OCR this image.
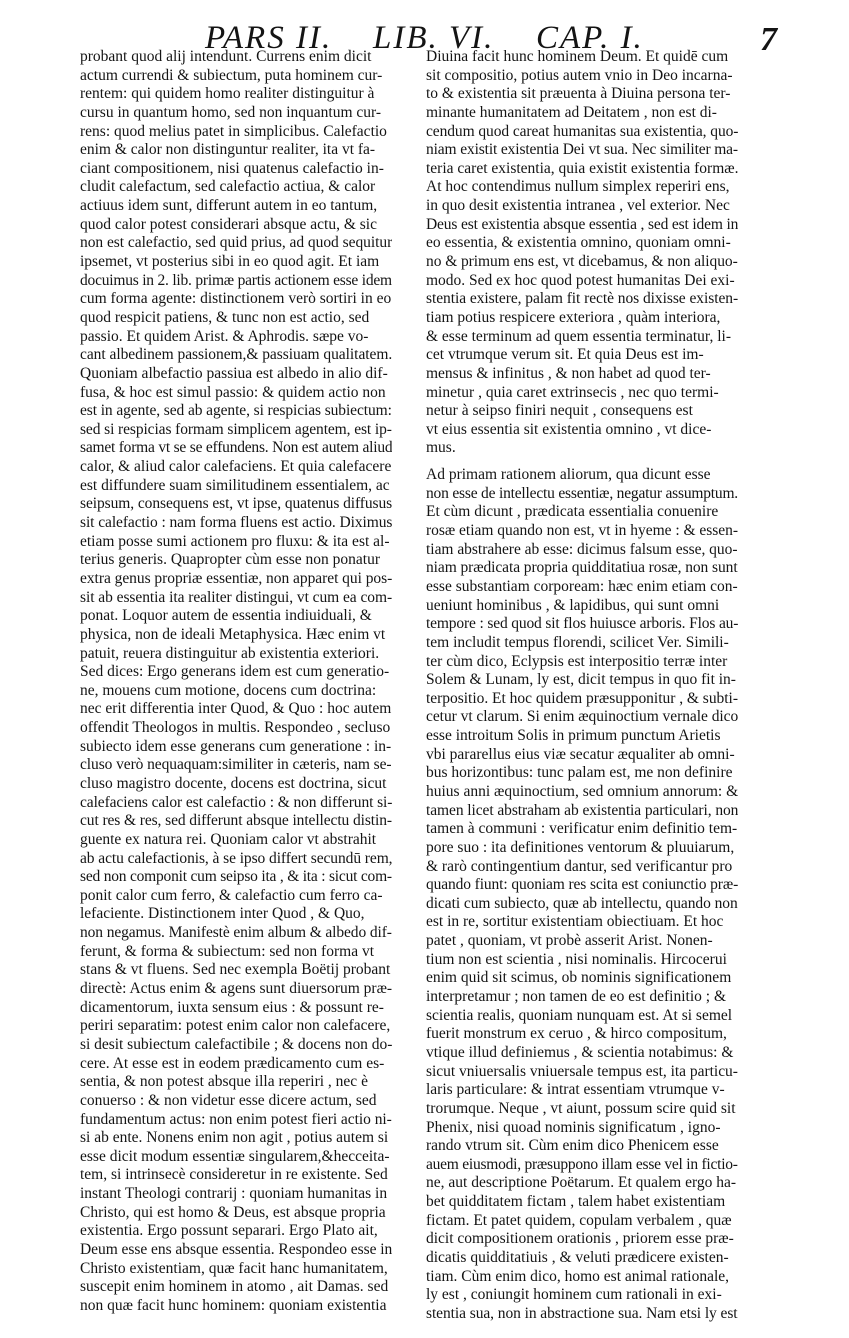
PARS II. LIB. VI. CAP. I.	7
probant quod alij intendunt. Currens enim dicit
actum currendi & subiectum, puta hominem cur-
rentem: qui quidem homo realiter distinguitur à
cursu in quantum homo, sed non inquantum cur-
rens: quod melius patet in simplicibus. Calefactio
enim & calor non distinguntur realiter, ita vt fa-
ciant compositionem, nisi quatenus calefactio in-
cludit calefactum, sed calefactio actiua, & calor
actiuus idem sunt, differunt autem in eo tantum,
quod calor potest considerari absque actu, & sic
non est calefactio, sed quid prius, ad quod sequitur
ipsemet, vt posterius sibi in eo quod agit. Et iam
docuimus in 2. lib. primæ partis actionem esse idem
cum forma agente: distinctionem verò sortiri in eo
quod respicit patiens, & tunc non est actio, sed
passio. Et quidem Arist. & Aphrodis. sæpe vo-
cant albedinem passionem,& passiuam qualitatem.
Quoniam albefactio passiua est albedo in alio dif-
fusa, & hoc est simul passio: & quidem actio non
est in agente, sed ab agente, si respicias subiectum:
sed si respicias formam simplicem agentem, est ip-
samet forma vt se se effundens. Non est autem aliud
calor, & aliud calor calefaciens. Et quia calefacere
est diffundere suam similitudinem essentialem, ac
seipsum, consequens est, vt ipse, quatenus diffusus
sit calefactio : nam forma fluens est actio. Diximus
etiam posse sumi actionem pro fluxu: & ita est al-
terius generis. Quapropter cùm esse non ponatur
extra genus propriæ essentiæ, non apparet qui pos-
sit ab essentia ita realiter distingui, vt cum ea com-
ponat. Loquor autem de essentia indiuiduali, &
physica, non de ideali Metaphysica. Hæc enim vt
patuit, reuera distinguitur ab existentia exteriori.
Sed dices: Ergo generans idem est cum generatio-
ne, mouens cum motione, docens cum doctrina:
nec erit differentia inter Quod, & Quo : hoc autem
offendit Theologos in multis. Respondeo , secluso
subiecto idem esse generans cum generatione : in-
cluso verò nequaquam:similiter in cæteris, nam se-
cluso magistro docente, docens est doctrina, sicut
calefaciens calor est calefactio : & non differunt si-
cut res & res, sed differunt absque intellectu distin-
guente ex natura rei. Quoniam calor vt abstrahit
ab actu calefactionis, à se ipso differt secundū rem,
sed non componit cum seipso ita , & ita : sicut com-
ponit calor cum ferro, & calefactio cum ferro ca-
lefaciente. Distinctionem inter Quod , & Quo,
non negamus. Manifestè enim album & albedo dif-
ferunt, & forma & subiectum: sed non forma vt
stans & vt fluens. Sed nec exempla Boëtij probant
directè: Actus enim & agens sunt diuersorum præ-
dicamentorum, iuxta sensum eius : & possunt re-
periri separatim: potest enim calor non calefacere,
si desit subiectum calefactibile ; & docens non do-
cere. At esse est in eodem prædicamento cum es-
sentia, & non potest absque illa reperiri , nec è
conuerso : & non videtur esse dicere actum, sed
fundamentum actus: non enim potest fieri actio ni-
si ab ente. Nonens enim non agit , potius autem si
esse dicit modum essentiæ singularem,&hecceita-
tem, si intrinsecè consideretur in re existente. Sed
instant Theologi contrarij : quoniam humanitas in
Christo, qui est homo & Deus, est absque propria
existentia. Ergo possunt separari. Ergo Plato ait,
Deum esse ens absque essentia. Respondeo esse in
Christo existentiam, quæ facit hanc humanitatem,
suscepit enim hominem in atomo , ait Damas. sed
non quæ facit hunc hominem: quoniam existentia
Diuina facit hunc hominem Deum. Et quidē cum
sit compositio, potius autem vnio in Deo incarna-
to & existentia sit præuenta à Diuina persona ter-
minante humanitatem ad Deitatem , non est di-
cendum quod careat humanitas sua existentia, quo-
niam existit existentia Dei vt sua. Nec similiter ma-
teria caret existentia, quia existit existentia formæ.
At hoc contendimus nullum simplex reperiri ens,
in quo desit existentia intranea , vel exterior. Nec
Deus est existentia absque essentia , sed est idem in
eo essentia, & existentia omnino, quoniam omni-
no & primum ens est, vt dicebamus, & non aliquo-
modo. Sed ex hoc quod potest humanitas Dei exi-
stentia existere, palam fit rectè nos dixisse existen-
tiam potius respicere exteriora , quàm interiora,
& esse terminum ad quem essentia terminatur, li-
cet vtrumque verum sit. Et quia Deus est im-
mensus & infinitus , & non habet ad quod ter-
minetur , quia caret extrinsecis , nec quo termi-
netur à seipso finiri nequit , consequens est
vt eius essentia sit existentia omnino , vt dice-
mus.
Ad primam rationem aliorum, qua dicunt esse
non esse de intellectu essentiæ, negatur assumptum.
Et cùm dicunt , prædicata essentialia conuenire
rosæ etiam quando non est, vt in hyeme : & essen-
tiam abstrahere ab esse: dicimus falsum esse, quo-
niam prædicata propria quidditatiua rosæ, non sunt
esse substantiam corpoream: hæc enim etiam con-
ueniunt hominibus , & lapidibus, qui sunt omni
tempore : sed quod sit flos huiusce arboris. Flos au-
tem includit tempus florendi, scilicet Ver. Simili-
ter cùm dico, Eclypsis est interpositio terræ inter
Solem & Lunam, ly est, dicit tempus in quo fit in-
terpositio. Et hoc quidem præsupponitur , & subti-
cetur vt clarum. Si enim æquinoctium vernale dico
esse introitum Solis in primum punctum Arietis
vbi pararellus eius viæ secatur æqualiter ab omni-
bus horizontibus: tunc palam est, me non definire
huius anni æquinoctium, sed omnium annorum: &
tamen licet abstraham ab existentia particulari, non
tamen à communi : verificatur enim definitio tem-
pore suo : ita definitiones ventorum & pluuiarum,
& rarò contingentium dantur, sed verificantur pro
quando fiunt: quoniam res scita est coniunctio præ-
dicati cum subiecto, quæ ab intellectu, quando non
est in re, sortitur existentiam obiectiuam. Et hoc
patet , quoniam, vt probè asserit Arist. Nonen-
tium non est scientia , nisi nominalis. Hircocerui
enim quid sit scimus, ob nominis significationem
interpretamur ; non tamen de eo est definitio ; &
scientia realis, quoniam nunquam est. At si semel
fuerit monstrum ex ceruo , & hirco compositum,
vtique illud definiemus , & scientia notabimus: &
sicut vniuersalis vniuersale tempus est, ita particu-
laris particulare: & intrat essentiam vtrumque v-
trorumque. Neque , vt aiunt, possum scire quid sit
Phenix, nisi quoad nominis significatum , igno-
rando vtrum sit. Cùm enim dico Phenicem esse
auem eiusmodi, præsuppono illam esse vel in fictio-
ne, aut descriptione Poëtarum. Et qualem ergo ha-
bet quidditatem fictam , talem habet existentiam
fictam. Et patet quidem, copulam verbalem , quæ
dicit compositionem orationis , priorem esse præ-
dicatis quidditatiuis , & veluti prædicere existen-
tiam. Cùm enim dico, homo est animal rationale,
ly est , coniungit hominem cum rationali in exi-
stentia sua, non in abstractione sua. Nam etsi ly est
